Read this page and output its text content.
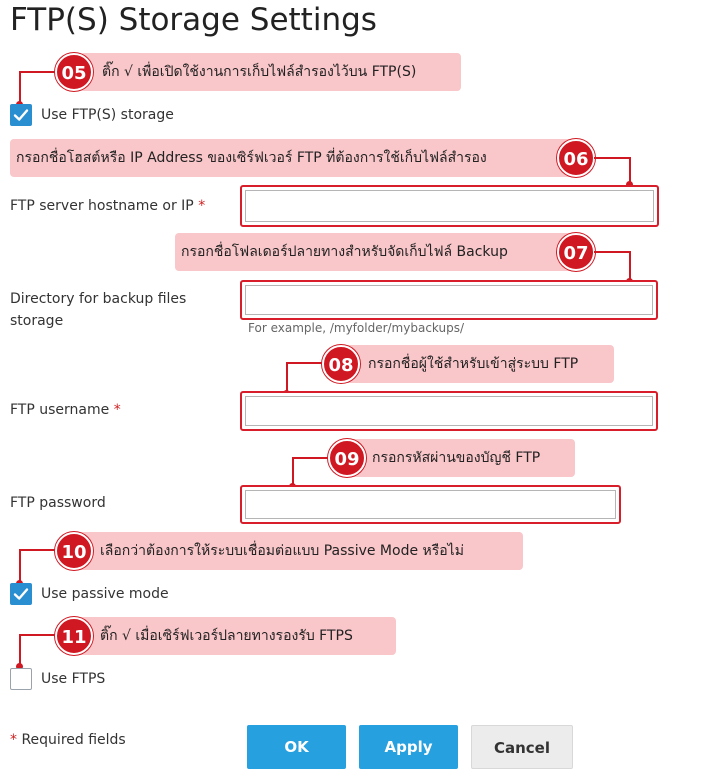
FTP(S) Storage Settings
ติ๊ก √ เพื่อเปิดใช้งานการเก็บไฟล์สำรองไว้บน FTP(S)
05
Use FTP(S) storage
กรอกชื่อโฮสต์หรือ IP Address ของเซิร์ฟเวอร์ FTP ที่ต้องการใช้เก็บไฟล์สำรอง	06
FTP server hostname or IP *
กรอกชื่อโฟลเดอร์ปลายทางสำหรับจัดเก็บไฟล์ Backup	07
Directory for backup files
storage	For example, /myfolder/mybackups/
กรอกชื่อผู้ใช้สำหรับเข้าสู่ระบบ FTP
08
FTP username *
กรอกรหัสผ่านของบัญชี FTP
09
FTP password
เลือกว่าต้องการให้ระบบเชื่อมต่อแบบ Passive Mode หรือไม่
10
Use passive mode
ติ๊ก √ เมื่อเซิร์ฟเวอร์ปลายทางรองรับ FTPS
11
Use FTPS
* Required fields	OK	Apply	Cancel
